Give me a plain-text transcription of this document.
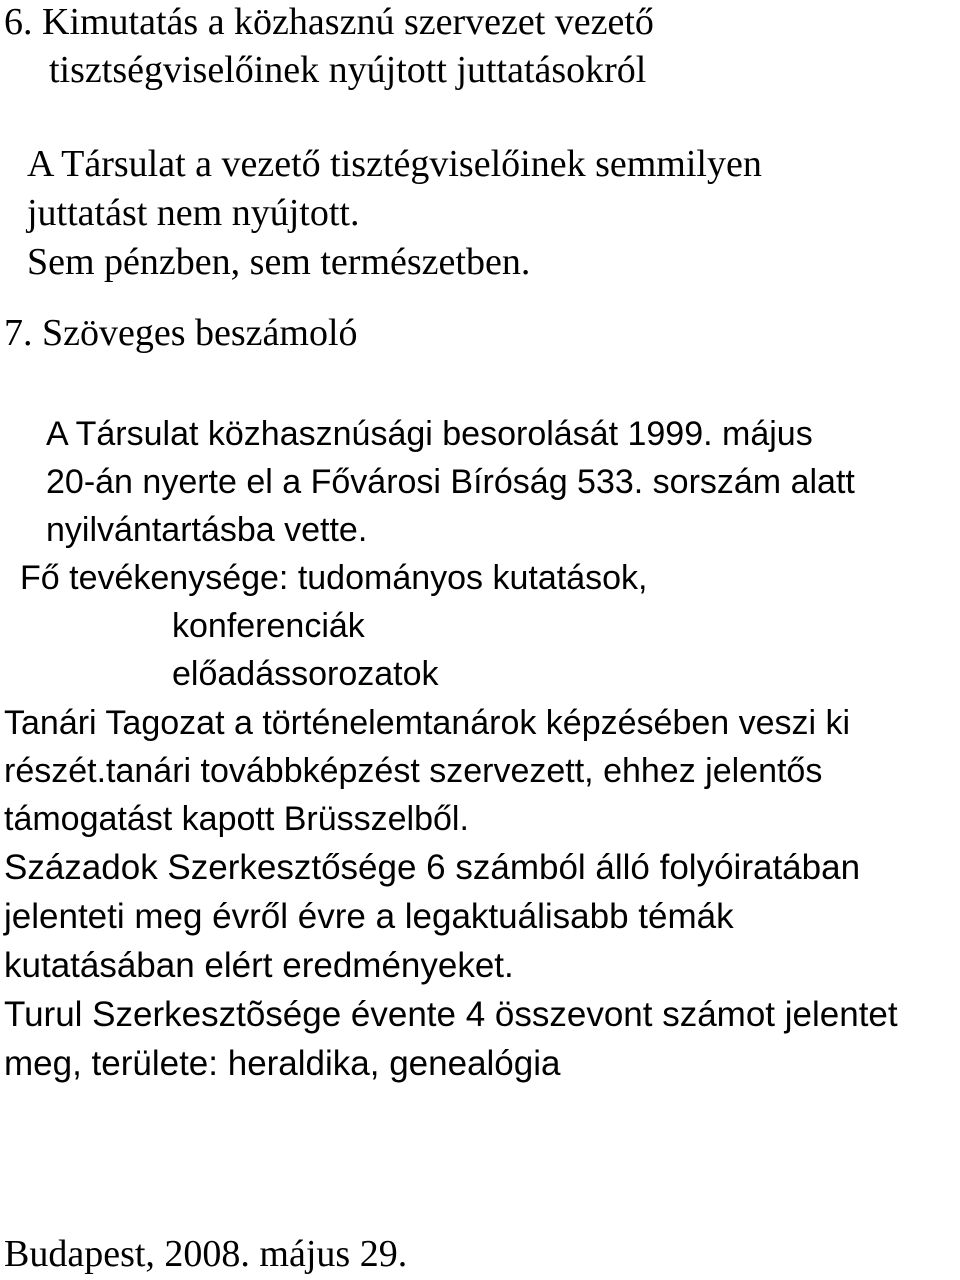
6. Kimutatás a közhasznú szervezet vezető

tisztségviselőinek nyújtott juttatásokról

A Társulat a vezető tisztégviselőinek semmilyen

juttatást nem nyújtott.

Sem pénzben, sem természetben.

7. Szöveges beszámoló

A Társulat közhasznúsági besorolását 1999. május

20-án nyerte el a Fővárosi Bíróság 533. sorszám alatt

nyilvántartásba vette.

Fő tevékenysége: tudományos kutatások,

konferenciák

előadássorozatok

Tanári Tagozat a történelemtanárok képzésében veszi ki

részét.tanári továbbképzést szervezett, ehhez jelentős

támogatást kapott Brüsszelből.

Századok Szerkesztősége 6 számból álló folyóiratában

jelenteti meg évről évre a legaktuálisabb témák

kutatásában elért eredményeket.

Turul Szerkesztõsége évente 4 összevont számot jelentet

meg, területe: heraldika, genealógia

Budapest, 2008. május 29.
